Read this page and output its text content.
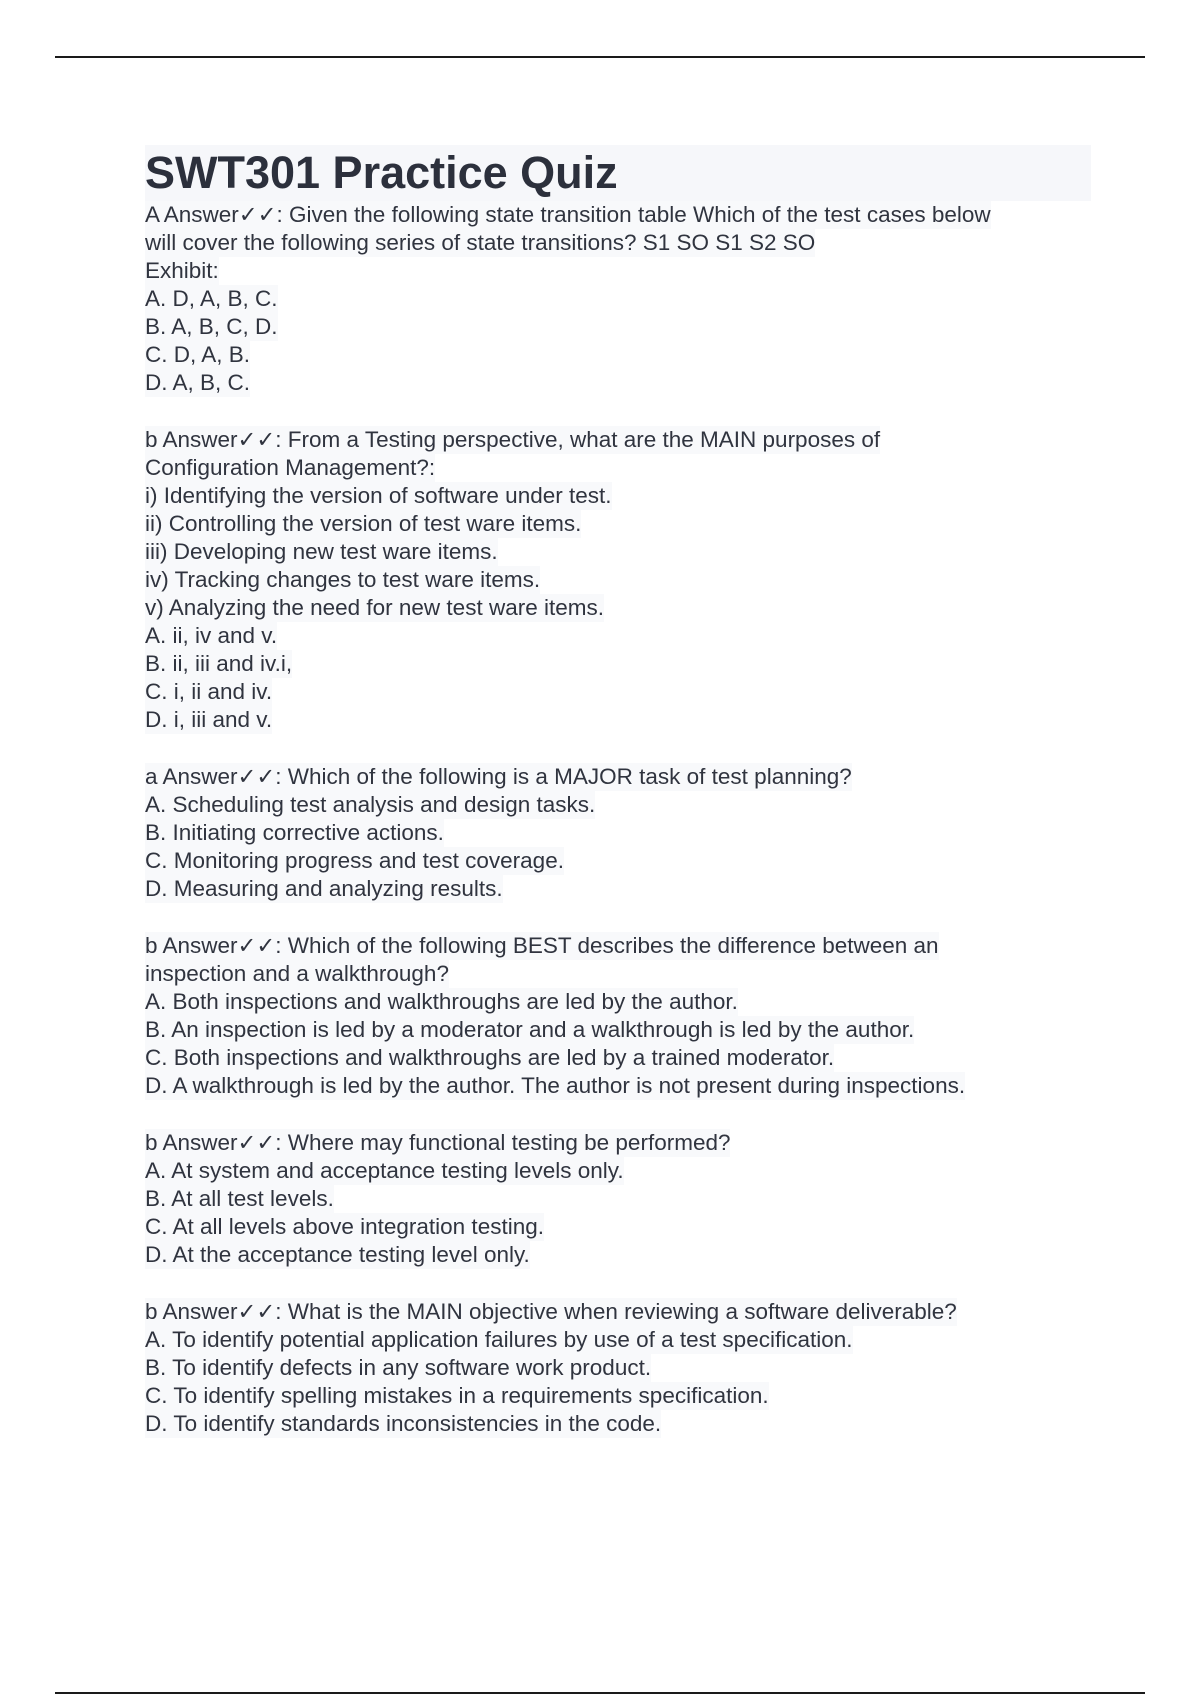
SWT301 Practice Quiz
A Answer✓✓: Given the following state transition table Which of the test cases below
will cover the following series of state transitions? S1 SO S1 S2 SO
Exhibit:
A. D, A, B, C.
B. A, B, C, D.
C. D, A, B.
D. A, B, C.
b Answer✓✓: From a Testing perspective, what are the MAIN purposes of
Configuration Management?:
i) Identifying the version of software under test.
ii) Controlling the version of test ware items.
iii) Developing new test ware items.
iv) Tracking changes to test ware items.
v) Analyzing the need for new test ware items.
A. ii, iv and v.
B. ii, iii and iv.i,
C. i, ii and iv.
D. i, iii and v.
a Answer✓✓: Which of the following is a MAJOR task of test planning?
A. Scheduling test analysis and design tasks.
B. Initiating corrective actions.
C. Monitoring progress and test coverage.
D. Measuring and analyzing results.
b Answer✓✓: Which of the following BEST describes the difference between an
inspection and a walkthrough?
A. Both inspections and walkthroughs are led by the author.
B. An inspection is led by a moderator and a walkthrough is led by the author.
C. Both inspections and walkthroughs are led by a trained moderator.
D. A walkthrough is led by the author. The author is not present during inspections.
b Answer✓✓: Where may functional testing be performed?
A. At system and acceptance testing levels only.
B. At all test levels.
C. At all levels above integration testing.
D. At the acceptance testing level only.
b Answer✓✓: What is the MAIN objective when reviewing a software deliverable?
A. To identify potential application failures by use of a test specification.
B. To identify defects in any software work product.
C. To identify spelling mistakes in a requirements specification.
D. To identify standards inconsistencies in the code.
